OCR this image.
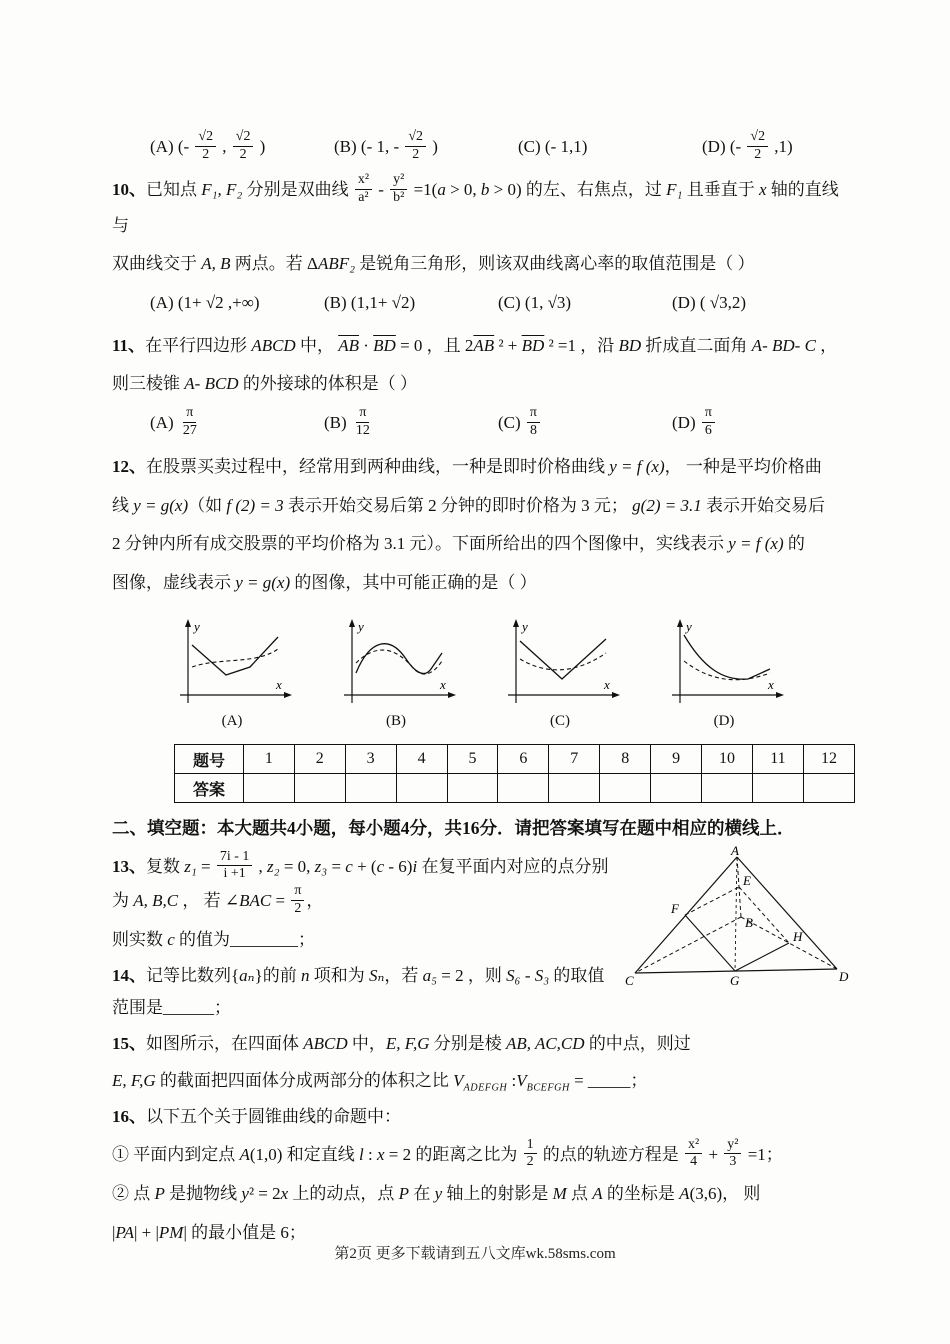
(A) (- $\frac{√2}{2}$ , $\frac{√2}{2}$ )	(B) (- 1, - $\frac{√2}{2}$ )	(C) (- 1,1)	(D) (- $\frac{√2}{2} ,1$)

10、已知点 F₁, F₂ 分别是双曲线 $\frac{\text{x²}}{\text{a²}} - \frac{\text{y²}}{\text{b²}} =1(a > 0$, b > 0) 的左、右焦点，过 F₁ 且垂直于 x 轴的直线与

双曲线交于 A, B 两点。若 ΔABF₂ 是锐角三角形，则该双曲线离心率的取值范围是（ ）

(A) (1+ √2 ,+∞)	(B) (1,1+ √2)	(C) (1, √3)	(D) ( √3,2)

11、在平行四边形 ABCD 中， $\overline{AB} \cdot \overline{BD} = 0$ ，且 $2\overline{AB}$ $^2 + \overline{BD}$ ² =1 ，沿 BD 折成直二面角 A- BD- C ，

则三棱锥 A- BCD 的外接球的体积是（ ）

$(A) \frac{\pi}{27}$	$(B) \frac{\pi}{12}$	$(C) \frac{\pi}{8}$	$(D) \frac{\pi}{6}$

12、在股票买卖过程中，经常用到两种曲线，一种是即时价格曲线 y = f (x)， 一种是平均价格曲

线 y = g(x)（如 f (2) = 3 表示开始交易后第 2 分钟的即时价格为 3 元； g(2) = 3.1 表示开始交易后

2 分钟内所有成交股票的平均价格为 3.1 元）。下面所给出的四个图像中，实线表示 y = f (x) 的

图像，虚线表示 y = g(x) 的图像，其中可能正确的是（ ）

y
x
(A)
y
x
(B)
y
x
(C)
y
x
(D)
题号	1	2	3	4	5	6	7	8	9	10	11	12
答案												

二、填空题：本大题共4小题，每小题4分，共16分．请把答案填写在题中相应的横线上．

A
B
C	D
E
F
G
H

13、复数 $z_1 = \frac{7i - 1}{i +1}$ , z₂ = 0, z₃ = c + (c - 6)i 在复平面内对应的点分别为 A, B,C ， 若 ∠BAC = $\frac{\pi}{2}$ ，

则实数 c 的值为________；

14、记等比数列{aₙ}的前 n 项和为 Sₙ，若 a₅ = 2 ，则 S₆ - S₃ 的取值范围是______；

15、如图所示，在四面体 ABCD 中，E, F,G 分别是棱 AB, AC,CD 的中点，则过

E, F,G 的截面把四面体分成两部分的体积之比 $V_{ADEFGH}$ $:V_{BCEFGH}$ = _____；

16、以下五个关于圆锥曲线的命题中：

① 平面内到定点 A(1,0) 和定直线 l : x = 2 的距离之比为 $\frac{1}{2}$ 的点的轨迹方程是 $\frac{\text{x²}}{4} + \frac{\text{y²}}{3} =1$；

② 点 P 是抛物线 y² = 2x 上的动点，点 P 在 y 轴上的射影是 M 点 A 的坐标是 A(3,6)， 则

|PA| + |PM| 的最小值是 6；

第2页 更多下载请到五八文库wk.58sms.com
